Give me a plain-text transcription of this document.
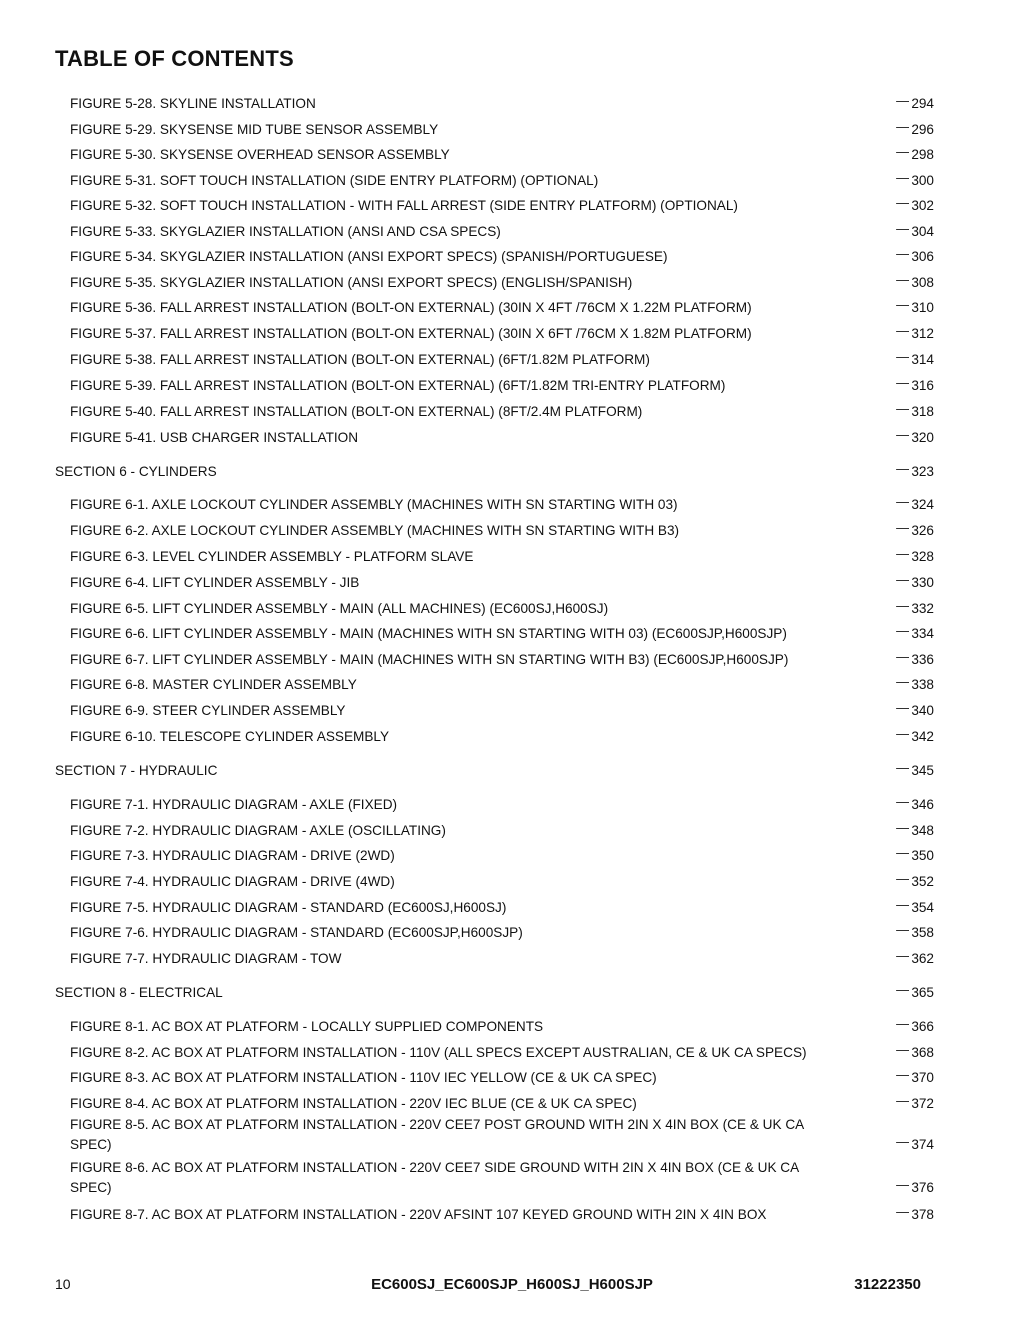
TABLE OF CONTENTS
FIGURE 5-28. SKYLINE INSTALLATION . . .	294
FIGURE 5-29. SKYSENSE MID TUBE SENSOR ASSEMBLY . . .	296
FIGURE 5-30. SKYSENSE OVERHEAD SENSOR ASSEMBLY . . .	298
FIGURE 5-31. SOFT TOUCH INSTALLATION (SIDE ENTRY PLATFORM) (OPTIONAL) . . .	300
FIGURE 5-32. SOFT TOUCH INSTALLATION - WITH FALL ARREST (SIDE ENTRY PLATFORM) (OPTIONAL) . . .	302
FIGURE 5-33. SKYGLAZIER INSTALLATION (ANSI AND CSA SPECS) . . .	304
FIGURE 5-34. SKYGLAZIER INSTALLATION (ANSI EXPORT SPECS) (SPANISH/PORTUGUESE) . . .	306
FIGURE 5-35. SKYGLAZIER INSTALLATION (ANSI EXPORT SPECS) (ENGLISH/SPANISH) . . .	308
FIGURE 5-36. FALL ARREST INSTALLATION (BOLT-ON EXTERNAL) (30IN X 4FT /76CM X 1.22M PLATFORM) . . .	310
FIGURE 5-37. FALL ARREST INSTALLATION (BOLT-ON EXTERNAL) (30IN X 6FT /76CM X 1.82M PLATFORM) . . .	312
FIGURE 5-38. FALL ARREST INSTALLATION (BOLT-ON EXTERNAL) (6FT/1.82M PLATFORM) . . .	314
FIGURE 5-39. FALL ARREST INSTALLATION (BOLT-ON EXTERNAL) (6FT/1.82M TRI-ENTRY PLATFORM) . . .	316
FIGURE 5-40. FALL ARREST INSTALLATION (BOLT-ON EXTERNAL) (8FT/2.4M PLATFORM) . . .	318
FIGURE 5-41. USB CHARGER INSTALLATION . . .	320
SECTION 6 - CYLINDERS . . .	323
FIGURE 6-1. AXLE LOCKOUT CYLINDER ASSEMBLY (MACHINES WITH SN STARTING WITH 03) . . .	324
FIGURE 6-2. AXLE LOCKOUT CYLINDER ASSEMBLY (MACHINES WITH SN STARTING WITH B3) . . .	326
FIGURE 6-3. LEVEL CYLINDER ASSEMBLY - PLATFORM SLAVE . . .	328
FIGURE 6-4. LIFT CYLINDER ASSEMBLY - JIB . . .	330
FIGURE 6-5. LIFT CYLINDER ASSEMBLY - MAIN (ALL MACHINES) (EC600SJ,H600SJ) . . .	332
FIGURE 6-6. LIFT CYLINDER ASSEMBLY - MAIN (MACHINES WITH SN STARTING WITH 03) (EC600SJP,H600SJP) . . .	334
FIGURE 6-7. LIFT CYLINDER ASSEMBLY - MAIN (MACHINES WITH SN STARTING WITH B3) (EC600SJP,H600SJP) . . .	336
FIGURE 6-8. MASTER CYLINDER ASSEMBLY . . .	338
FIGURE 6-9. STEER CYLINDER ASSEMBLY . . .	340
FIGURE 6-10. TELESCOPE CYLINDER ASSEMBLY . . .	342
SECTION 7 - HYDRAULIC . . .	345
FIGURE 7-1. HYDRAULIC DIAGRAM - AXLE (FIXED) . . .	346
FIGURE 7-2. HYDRAULIC DIAGRAM - AXLE (OSCILLATING) . . .	348
FIGURE 7-3. HYDRAULIC DIAGRAM - DRIVE (2WD) . . .	350
FIGURE 7-4. HYDRAULIC DIAGRAM - DRIVE (4WD) . . .	352
FIGURE 7-5. HYDRAULIC DIAGRAM - STANDARD (EC600SJ,H600SJ) . . .	354
FIGURE 7-6. HYDRAULIC DIAGRAM - STANDARD (EC600SJP,H600SJP) . . .	358
FIGURE 7-7. HYDRAULIC DIAGRAM - TOW . . .	362
SECTION 8 - ELECTRICAL . . .	365
FIGURE 8-1. AC BOX AT PLATFORM - LOCALLY SUPPLIED COMPONENTS . . .	366
FIGURE 8-2. AC BOX AT PLATFORM INSTALLATION - 110V (ALL SPECS EXCEPT AUSTRALIAN, CE & UK CA SPECS) . . .	368
FIGURE 8-3. AC BOX AT PLATFORM INSTALLATION - 110V IEC YELLOW (CE & UK CA SPEC) . . .	370
FIGURE 8-4. AC BOX AT PLATFORM INSTALLATION - 220V IEC BLUE (CE & UK CA SPEC) . . .	372
FIGURE 8-5. AC BOX AT PLATFORM INSTALLATION - 220V CEE7 POST GROUND WITH 2IN X 4IN BOX (CE & UK CA
SPEC) . . .	374
FIGURE 8-6. AC BOX AT PLATFORM INSTALLATION - 220V CEE7 SIDE GROUND WITH 2IN X 4IN BOX (CE & UK CA
SPEC) . . .	376
FIGURE 8-7. AC BOX AT PLATFORM INSTALLATION - 220V AFSINT 107 KEYED GROUND WITH 2IN X 4IN BOX . . .	378
10	EC600SJ_EC600SJP_H600SJ_H600SJP	31222350
